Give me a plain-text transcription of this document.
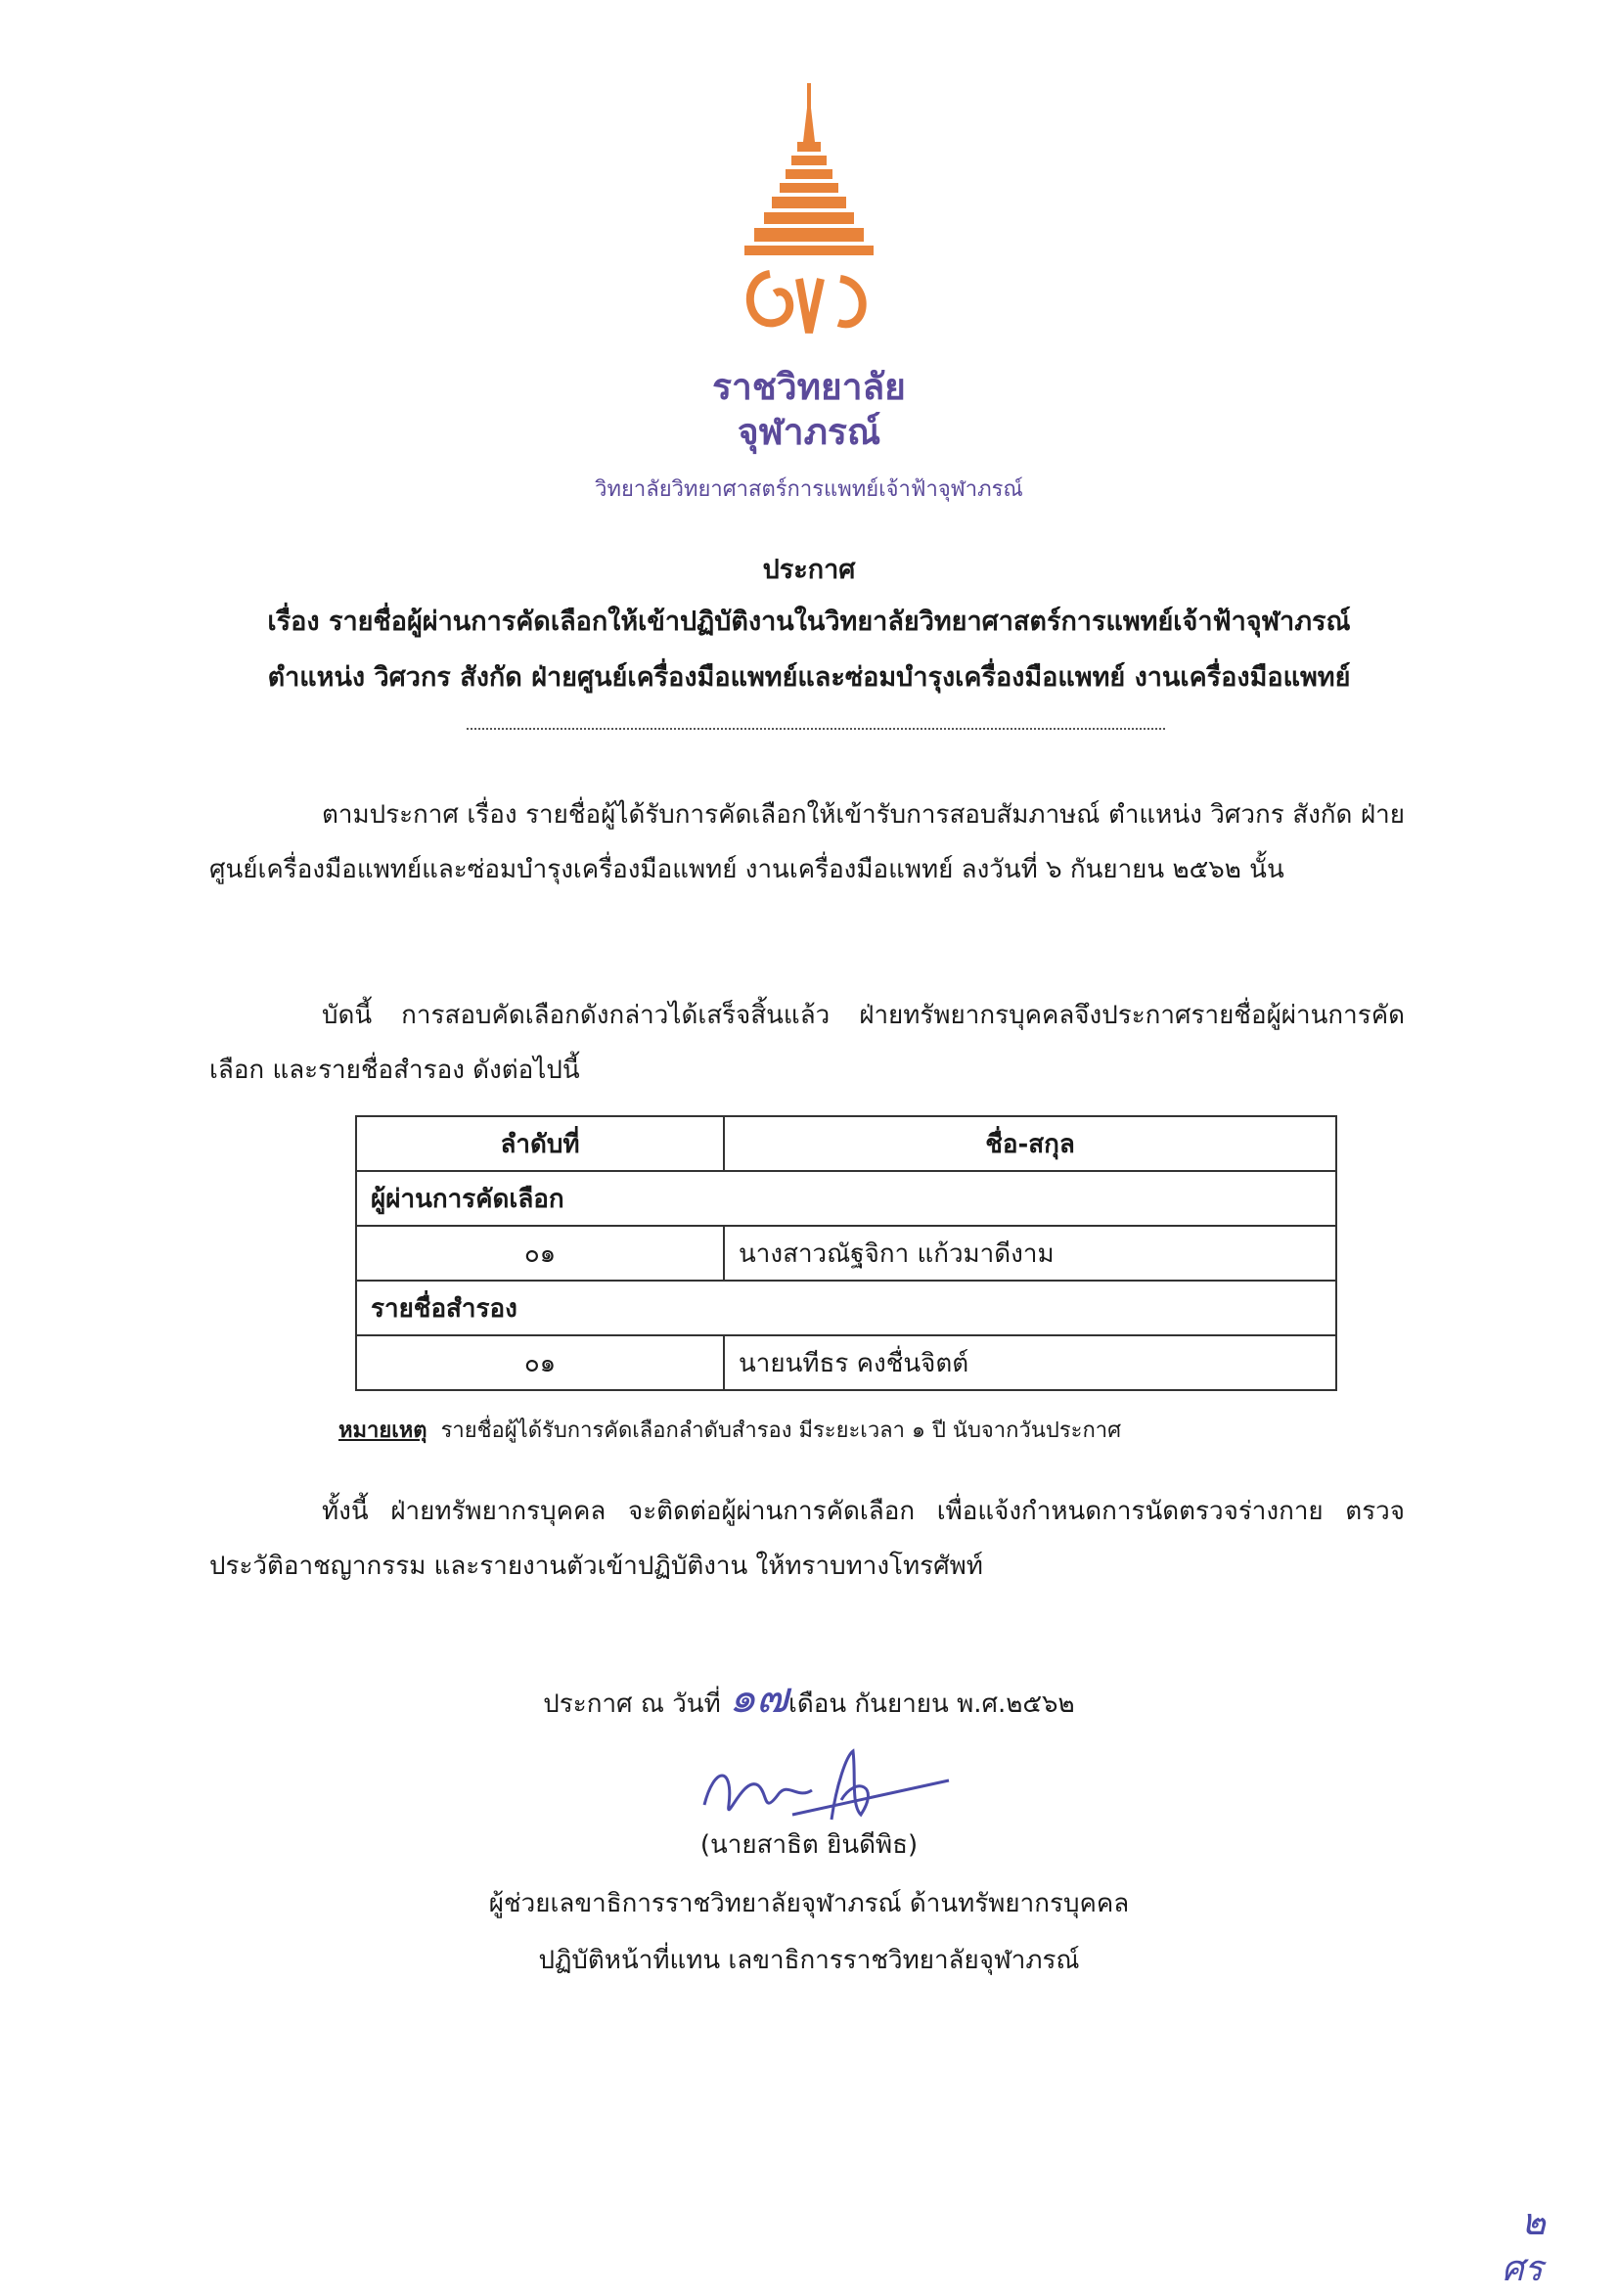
ราชวิทยาลัย
จุฬาภรณ์
วิทยาลัยวิทยาศาสตร์การแพทย์เจ้าฟ้าจุฬาภรณ์
ประกาศ
เรื่อง รายชื่อผู้ผ่านการคัดเลือกให้เข้าปฏิบัติงานในวิทยาลัยวิทยาศาสตร์การแพทย์เจ้าฟ้าจุฬาภรณ์
ตำแหน่ง วิศวกร สังกัด ฝ่ายศูนย์เครื่องมือแพทย์และซ่อมบำรุงเครื่องมือแพทย์ งานเครื่องมือแพทย์
ตามประกาศ เรื่อง รายชื่อผู้ได้รับการคัดเลือกให้เข้ารับการสอบสัมภาษณ์ ตำแหน่ง วิศวกร สังกัด ฝ่ายศูนย์เครื่องมือแพทย์และซ่อมบำรุงเครื่องมือแพทย์ งานเครื่องมือแพทย์ ลงวันที่ ๖ กันยายน ๒๕๖๒ นั้น
บัดนี้ การสอบคัดเลือกดังกล่าวได้เสร็จสิ้นแล้ว ฝ่ายทรัพยากรบุคคลจึงประกาศรายชื่อผู้ผ่านการคัดเลือก และรายชื่อสำรอง ดังต่อไปนี้
ลำดับที่	ชื่อ-สกุล
ผู้ผ่านการคัดเลือก	
๐๑	นางสาวณัฐจิกา แก้วมาดีงาม
รายชื่อสำรอง	
๐๑	นายนทีธร คงชื่นจิตต์
หมายเหตุ รายชื่อผู้ได้รับการคัดเลือกลำดับสำรอง มีระยะเวลา ๑ ปี นับจากวันประกาศ
ทั้งนี้ ฝ่ายทรัพยากรบุคคล จะติดต่อผู้ผ่านการคัดเลือก เพื่อแจ้งกำหนดการนัดตรวจร่างกาย ตรวจประวัติอาชญากรรม และรายงานตัวเข้าปฏิบัติงาน ให้ทราบทางโทรศัพท์
ประกาศ ณ วันที่ ๑๗เดือน กันยายน พ.ศ.๒๕๖๒
(นายสาธิต ยินดีพิธ)
ผู้ช่วยเลขาธิการราชวิทยาลัยจุฬาภรณ์ ด้านทรัพยากรบุคคล
ปฏิบัติหน้าที่แทน เลขาธิการราชวิทยาลัยจุฬาภรณ์
๒
ศร
